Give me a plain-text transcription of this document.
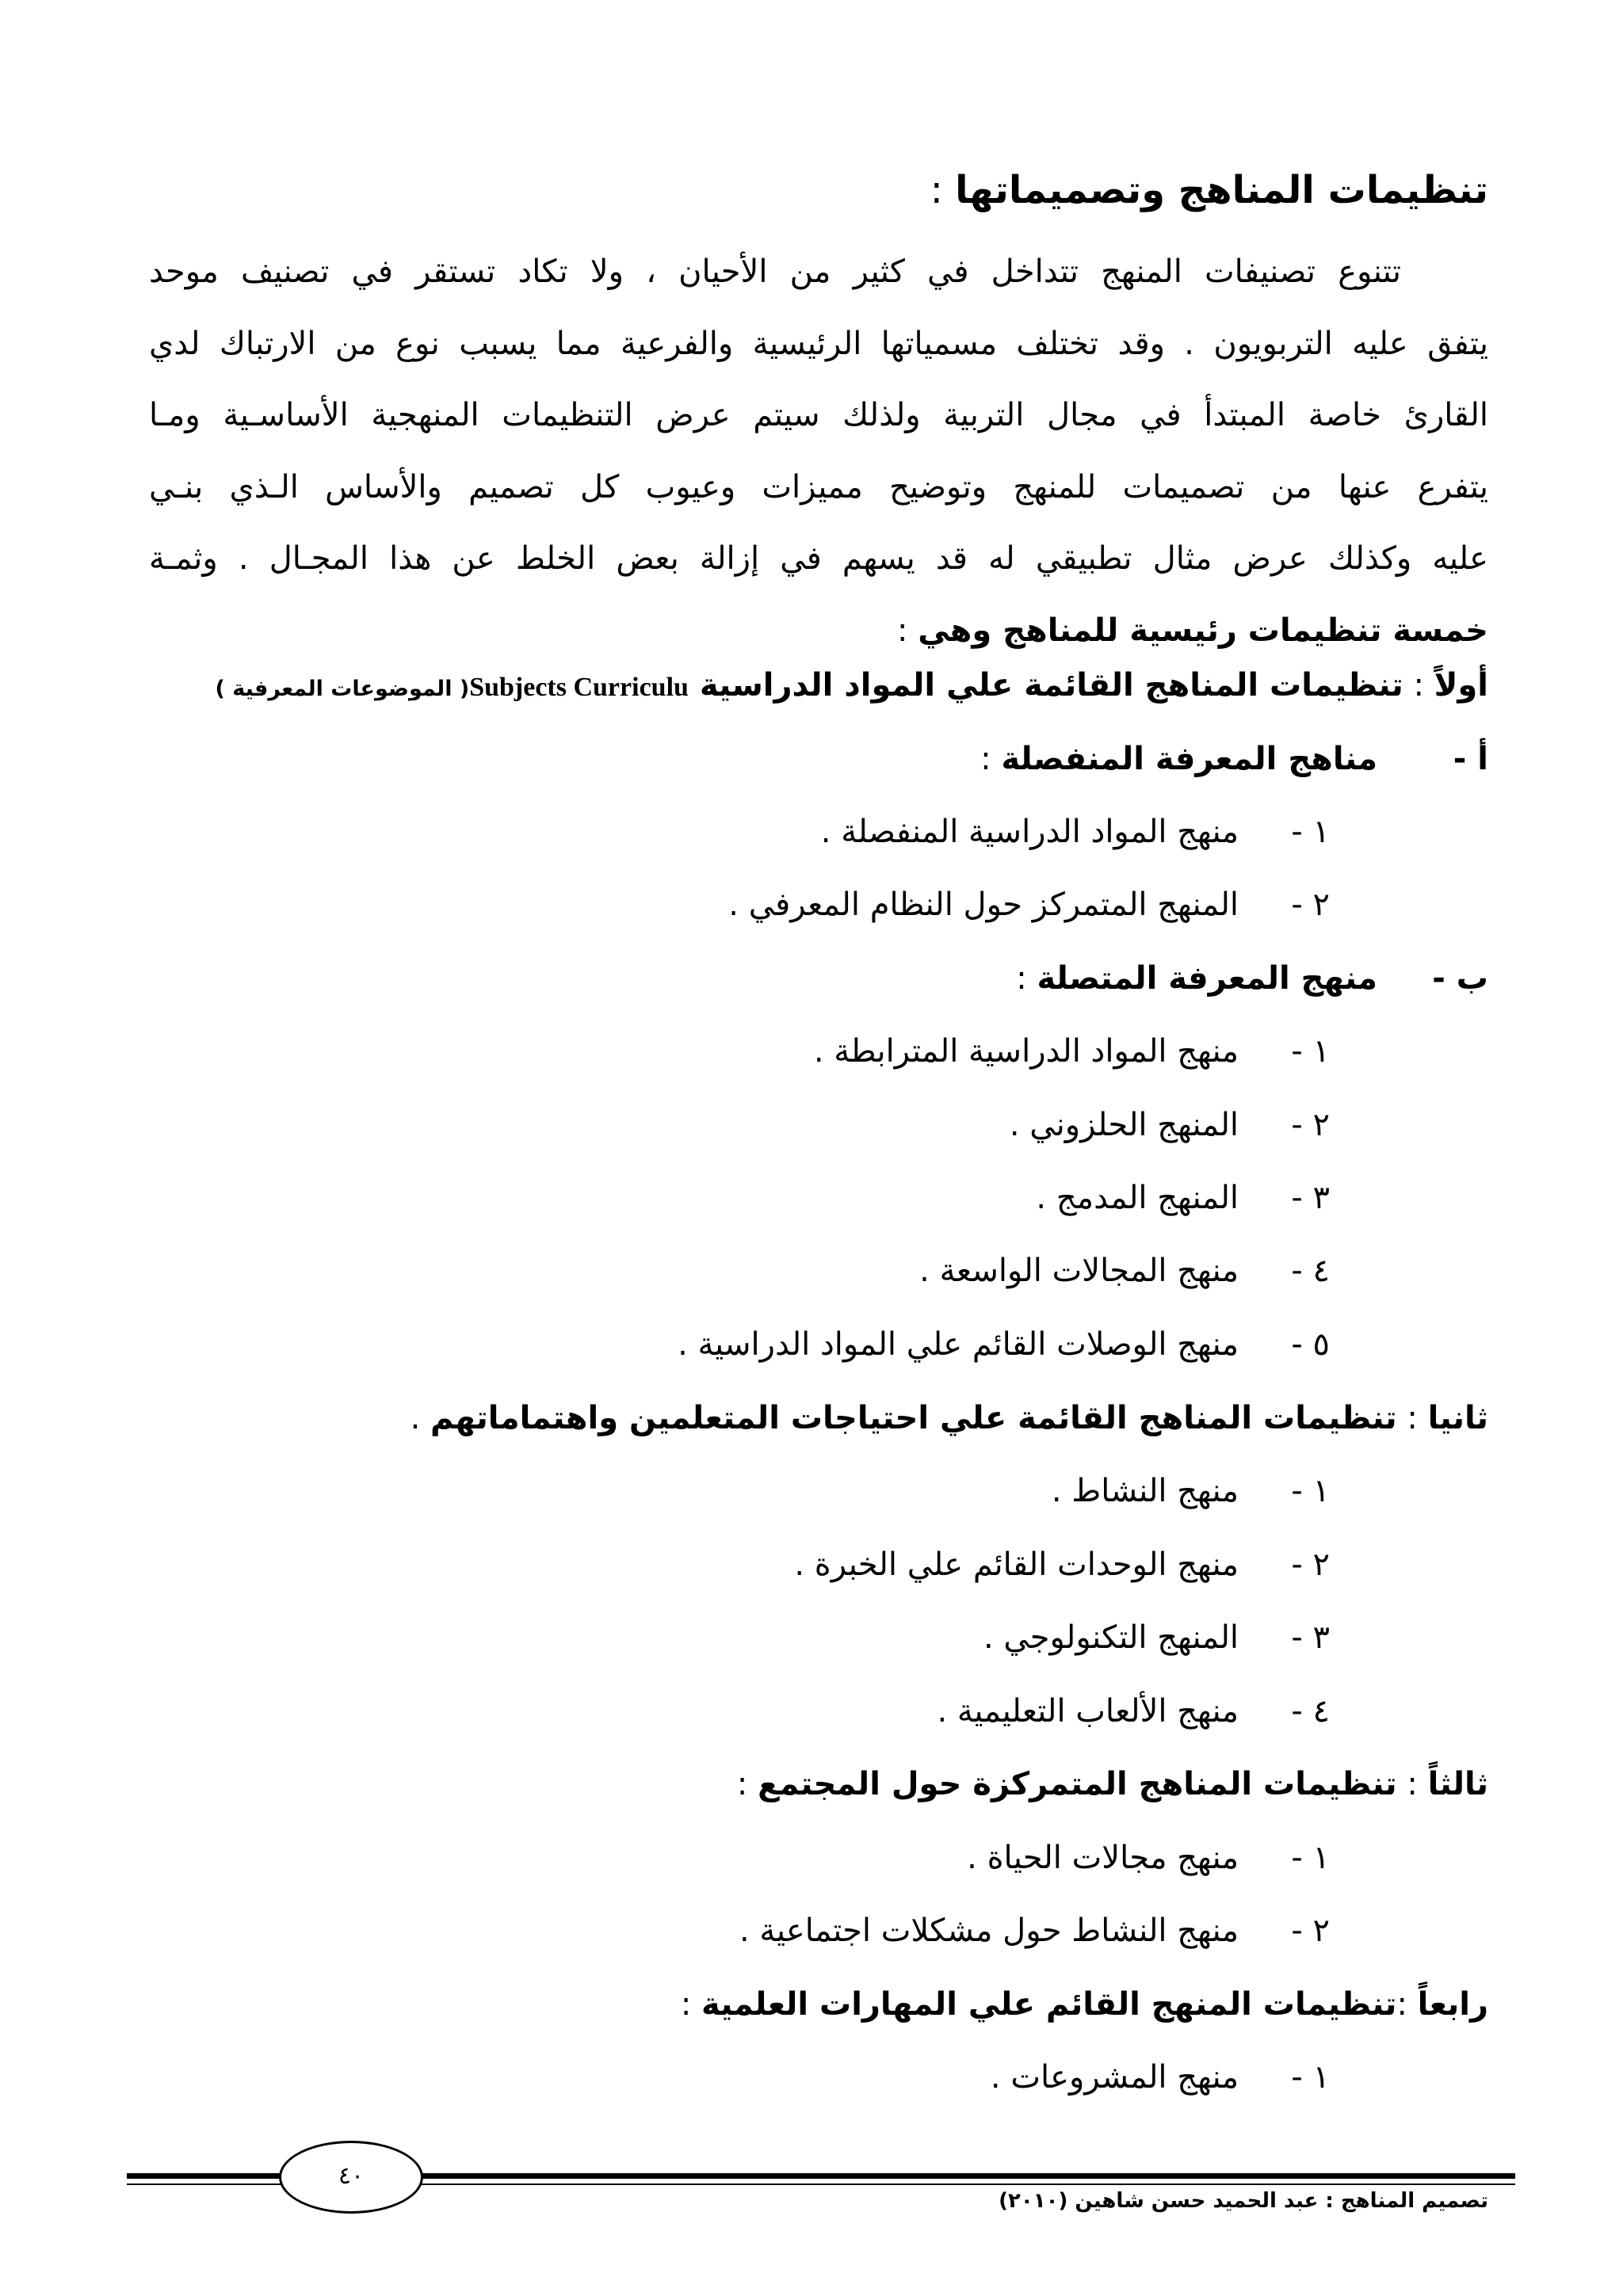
تنظيمات المناهج وتصميماتها :
تتنوع تصنيفات المنهج تتداخل في كثير من الأحيان ، ولا تكاد تستقر في تصنيف موحد
يتفق عليه التربويون . وقد تختلف مسمياتها الرئيسية والفرعية مما يسبب نوع من الارتباك لدي
القارئ خاصة المبتدأ في مجال التربية ولذلك سيتم عرض التنظيمات المنهجية الأساسـية ومـا
يتفرع عنها من تصميمات للمنهج وتوضيح مميزات وعيوب كل تصميم والأساس الـذي بنـي
عليه وكذلك عرض مثال تطبيقي له قد يسهم في إزالة بعض الخلط عن هذا المجـال . وثمـة
خمسة تنظيمات رئيسية للمناهج وهي :
أولاً : تنظيمات المناهج القائمة علي المواد الدراسية Subjects Curriculu( الموضوعات المعرفية )
أ -مناهج المعرفة المنفصلة :
١ -منهج المواد الدراسية المنفصلة .
٢ -المنهج المتمركز حول النظام المعرفي .
ب -منهج المعرفة المتصلة :
١ -منهج المواد الدراسية المترابطة .
٢ -المنهج الحلزوني .
٣ -المنهج المدمج .
٤ -منهج المجالات الواسعة .
٥ -منهج الوصلات القائم علي المواد الدراسية .
ثانيا : تنظيمات المناهج القائمة علي احتياجات المتعلمين واهتماماتهم .
١ -منهج النشاط .
٢ -منهج الوحدات القائم علي الخبرة .
٣ -المنهج التكنولوجي .
٤ -منهج الألعاب التعليمية .
ثالثاً : تنظيمات المناهج المتمركزة حول المجتمع :
١ -منهج مجالات الحياة .
٢ -منهج النشاط حول مشكلات اجتماعية .
رابعاً :تنظيمات المنهج القائم علي المهارات العلمية :
١ -منهج المشروعات .
٤٠
تصميم المناهج : عبد الحميد حسن شاهين (٢٠١٠)
